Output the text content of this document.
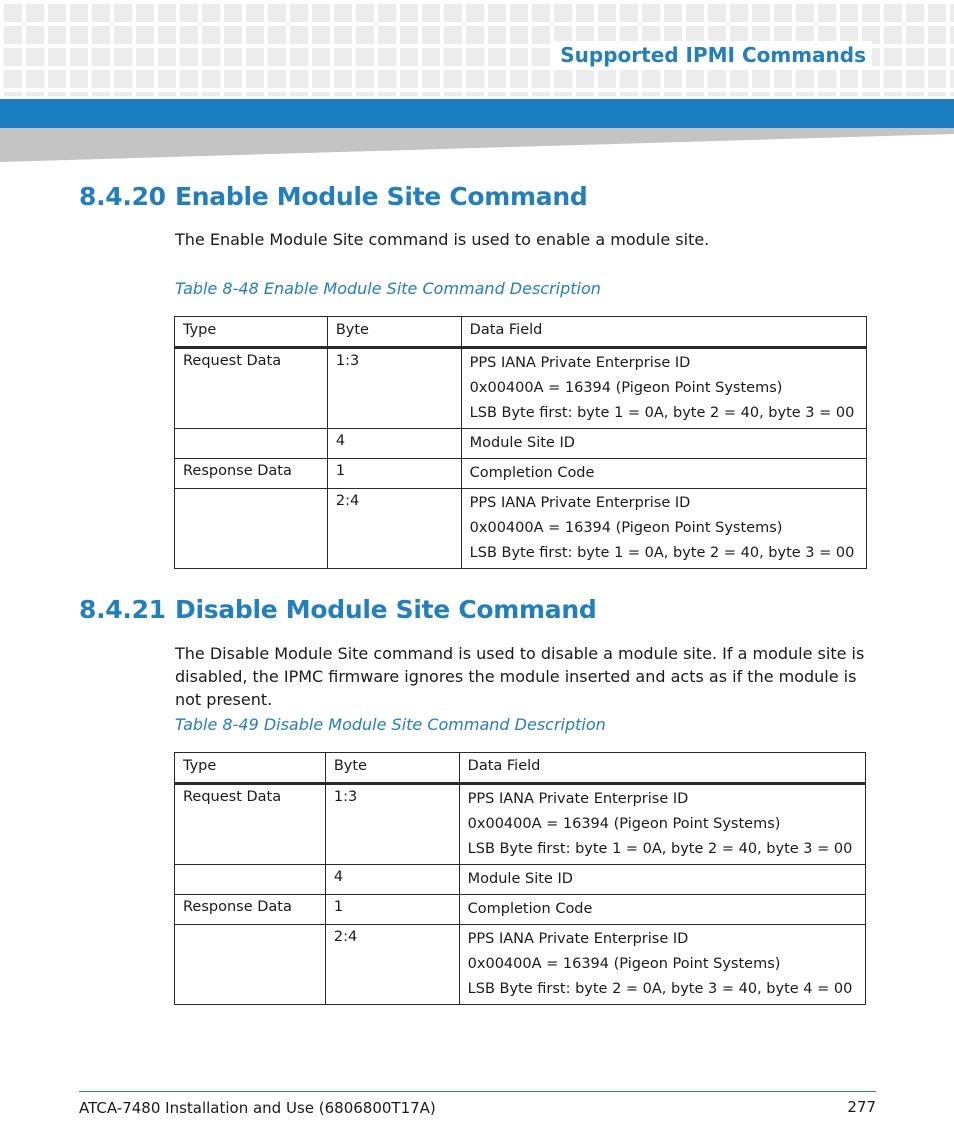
Supported IPMI Commands
8.4.20 Enable Module Site Command

The Enable Module Site command is used to enable a module site.

Table 8-48 Enable Module Site Command Description
Type	Byte	Data Field
Request Data	1:3	PPS IANA Private Enterprise ID
0x00400A = 16394 (Pigeon Point Systems)
LSB Byte first: byte 1 = 0A, byte 2 = 40, byte 3 = 00

	4	Module Site ID

Response Data	1	Completion Code

	2:4	PPS IANA Private Enterprise ID
0x00400A = 16394 (Pigeon Point Systems)
LSB Byte first: byte 1 = 0A, byte 2 = 40, byte 3 = 00
8.4.21 Disable Module Site Command

The Disable Module Site command is used to disable a module site. If a module site is disabled, the IPMC firmware ignores the module inserted and acts as if the module is not present.

Table 8-49 Disable Module Site Command Description
Type	Byte	Data Field
Request Data	1:3	PPS IANA Private Enterprise ID
0x00400A = 16394 (Pigeon Point Systems)
LSB Byte first: byte 1 = 0A, byte 2 = 40, byte 3 = 00

	4	Module Site ID

Response Data	1	Completion Code

	2:4	PPS IANA Private Enterprise ID
0x00400A = 16394 (Pigeon Point Systems)
LSB Byte first: byte 2 = 0A, byte 3 = 40, byte 4 = 00
ATCA-7480 Installation and Use (6806800T17A)	277
